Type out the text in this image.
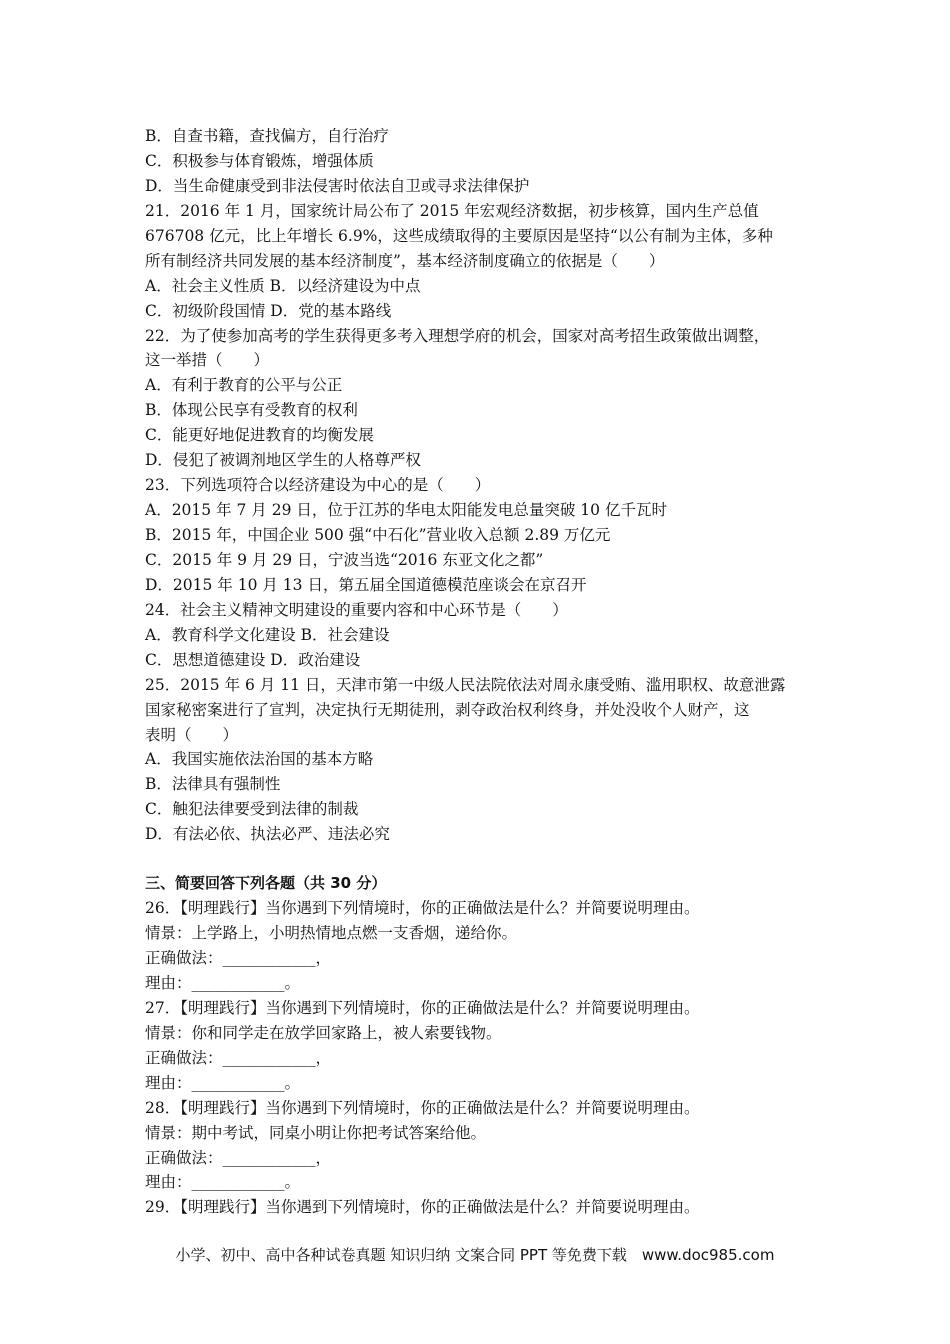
B．自查书籍，查找偏方，自行治疗
C．积极参与体育锻炼，增强体质
D．当生命健康受到非法侵害时依法自卫或寻求法律保护
21．2016 年 1 月，国家统计局公布了 2015 年宏观经济数据，初步核算，国内生产总值
676708 亿元，比上年增长 6.9%，这些成绩取得的主要原因是坚持“以公有制为主体，多种
所有制经济共同发展的基本经济制度”，基本经济制度确立的依据是（　　）
A．社会主义性质 B．以经济建设为中点
C．初级阶段国情 D．党的基本路线
22．为了使参加高考的学生获得更多考入理想学府的机会，国家对高考招生政策做出调整，
这一举措（　　）
A．有利于教育的公平与公正
B．体现公民享有受教育的权利
C．能更好地促进教育的均衡发展
D．侵犯了被调剂地区学生的人格尊严权
23．下列选项符合以经济建设为中心的是（　　）
A．2015 年 7 月 29 日，位于江苏的华电太阳能发电总量突破 10 亿千瓦时
B．2015 年，中国企业 500 强“中石化”营业收入总额 2.89 万亿元
C．2015 年 9 月 29 日，宁波当选“2016 东亚文化之都”
D．2015 年 10 月 13 日，第五届全国道德模范座谈会在京召开
24．社会主义精神文明建设的重要内容和中心环节是（　　）
A．教育科学文化建设 B．社会建设
C．思想道德建设 D．政治建设
25．2015 年 6 月 11 日，天津市第一中级人民法院依法对周永康受贿、滥用职权、故意泄露
国家秘密案进行了宣判，决定执行无期徒刑，剥夺政治权利终身，并处没收个人财产，这
表明（　　）
A．我国实施依法治国的基本方略
B．法律具有强制性
C．触犯法律要受到法律的制裁
D．有法必依、执法必严、违法必究
三、简要回答下列各题（共 30 分）
26．【明理践行】当你遇到下列情境时，你的正确做法是什么？并简要说明理由。
情景：上学路上，小明热情地点燃一支香烟，递给你。
正确做法：____________，
理由：____________。
27．【明理践行】当你遇到下列情境时，你的正确做法是什么？并简要说明理由。
情景：你和同学走在放学回家路上，被人索要钱物。
正确做法：____________，
理由：____________。
28．【明理践行】当你遇到下列情境时，你的正确做法是什么？并简要说明理由。
情景：期中考试，同桌小明让你把考试答案给他。
正确做法：____________，
理由：____________。
29．【明理践行】当你遇到下列情境时，你的正确做法是什么？并简要说明理由。
小学、初中、高中各种试卷真题 知识归纳 文案合同 PPT 等免费下载　www.doc985.com
